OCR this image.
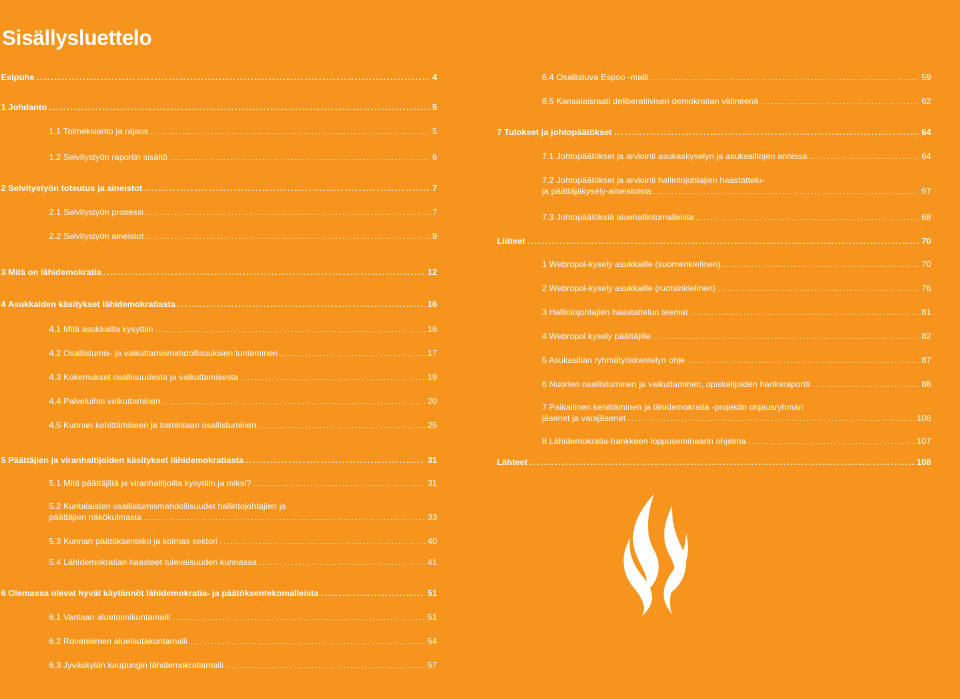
Sisällysluettelo
Esipuhe . . .	4
1 Johdanto . . .	5
1.1 Toimeksianto ja rajaus . . .	5
1.2 Selvitystyön raportin sisältö . . .	6
2 Selvitystyön toteutus ja aineistot . . .	7
2.1 Selvitystyön prosessi . . .	7
2.2 Selvitystyön aineistot . . .	9
3 Mitä on lähidemokratia . . .	12
4 Asukkaiden käsitykset lähidemokratiasta . . .	16
4.1 Mitä asukkailta kysyttiin . . .	16
4.2 Osallistumis- ja vaikuttamismahdollisuuksien tunteminen . . .	17
4.3 Kokemukset osallisuudesta ja vaikuttamisesta . . .	19
4.4 Palveluihin vaikuttaminen . . .	20
4.5 Kunnan kehittämiseen ja toimintaan osallistuminen . . .	25
5 Päättäjien ja viranhaltijoiden käsitykset lähidemokratiasta . . .	31
5.1 Mitä päättäjiltä ja viranhaltijoilta kysyttiin ja miksi? . . .	31
5.2 Kuntalaisten osallistumismahdollisuudet hallintojohtajien ja
päättäjien näkökulmasta . . .	33
5.3 Kunnan päätöksenteko ja kolmas sektori . . .	40
5.4 Lähidemokratian haasteet tulevaisuuden kunnassa . . .	41
6 Olemassa olevat hyvät käytännöt lähidemokratia- ja päätöksentekomalleista . . .	51
6.1 Vantaan aluetoimikuntamalli . . .	51
6.2 Rovaniemen aluelautakuntamalli . . .	54
6.3 Jyväskylän kaupungin lähidemokratiamalli . . .	57
6.4 Osallistuva Espoo -malli . . .	59
6.5 Kansalaisraati deliberatiivisen demokratian välineenä . . .	62
7 Tulokset ja johtopäätökset . . .	64
7.1 Johtopäätökset ja arviointi asukaskyselyn ja asukasiltojen annissa . . .	64
7.2 Johtopäätökset ja arviointi hallintojohtajien haastattelu-
ja päättäjäkysely-aineistoista . . .	67
7.3 Johtopäätöksiä aluehallintomalleista . . .	68
Liitteet . . .	70
1 Webropol-kysely asukkaille (suomenkielinen) . . .	70
2 Webropol-kysely asukkaille (ruotsinkielinen) . . .	76
3 Hallintojohtajien haastattelun teemat . . .	81
4 Webropol kysely päättäjille . . .	82
5 Asukasillan ryhmätyöskentelyn ohje . . .	87
6 Nuorten osallistuminen ja vaikuttaminen, opiskelijoiden hankeraportti . . .	88
7 Paikallinen kehittäminen ja lähidemokratia -projektin ohjausryhmän
jäsenet ja varajäsenet . . .	106
8 Lähidemokratia-hankkeen loppuseminaarin ohjelma . . .	107
Lähteet . . .	108
